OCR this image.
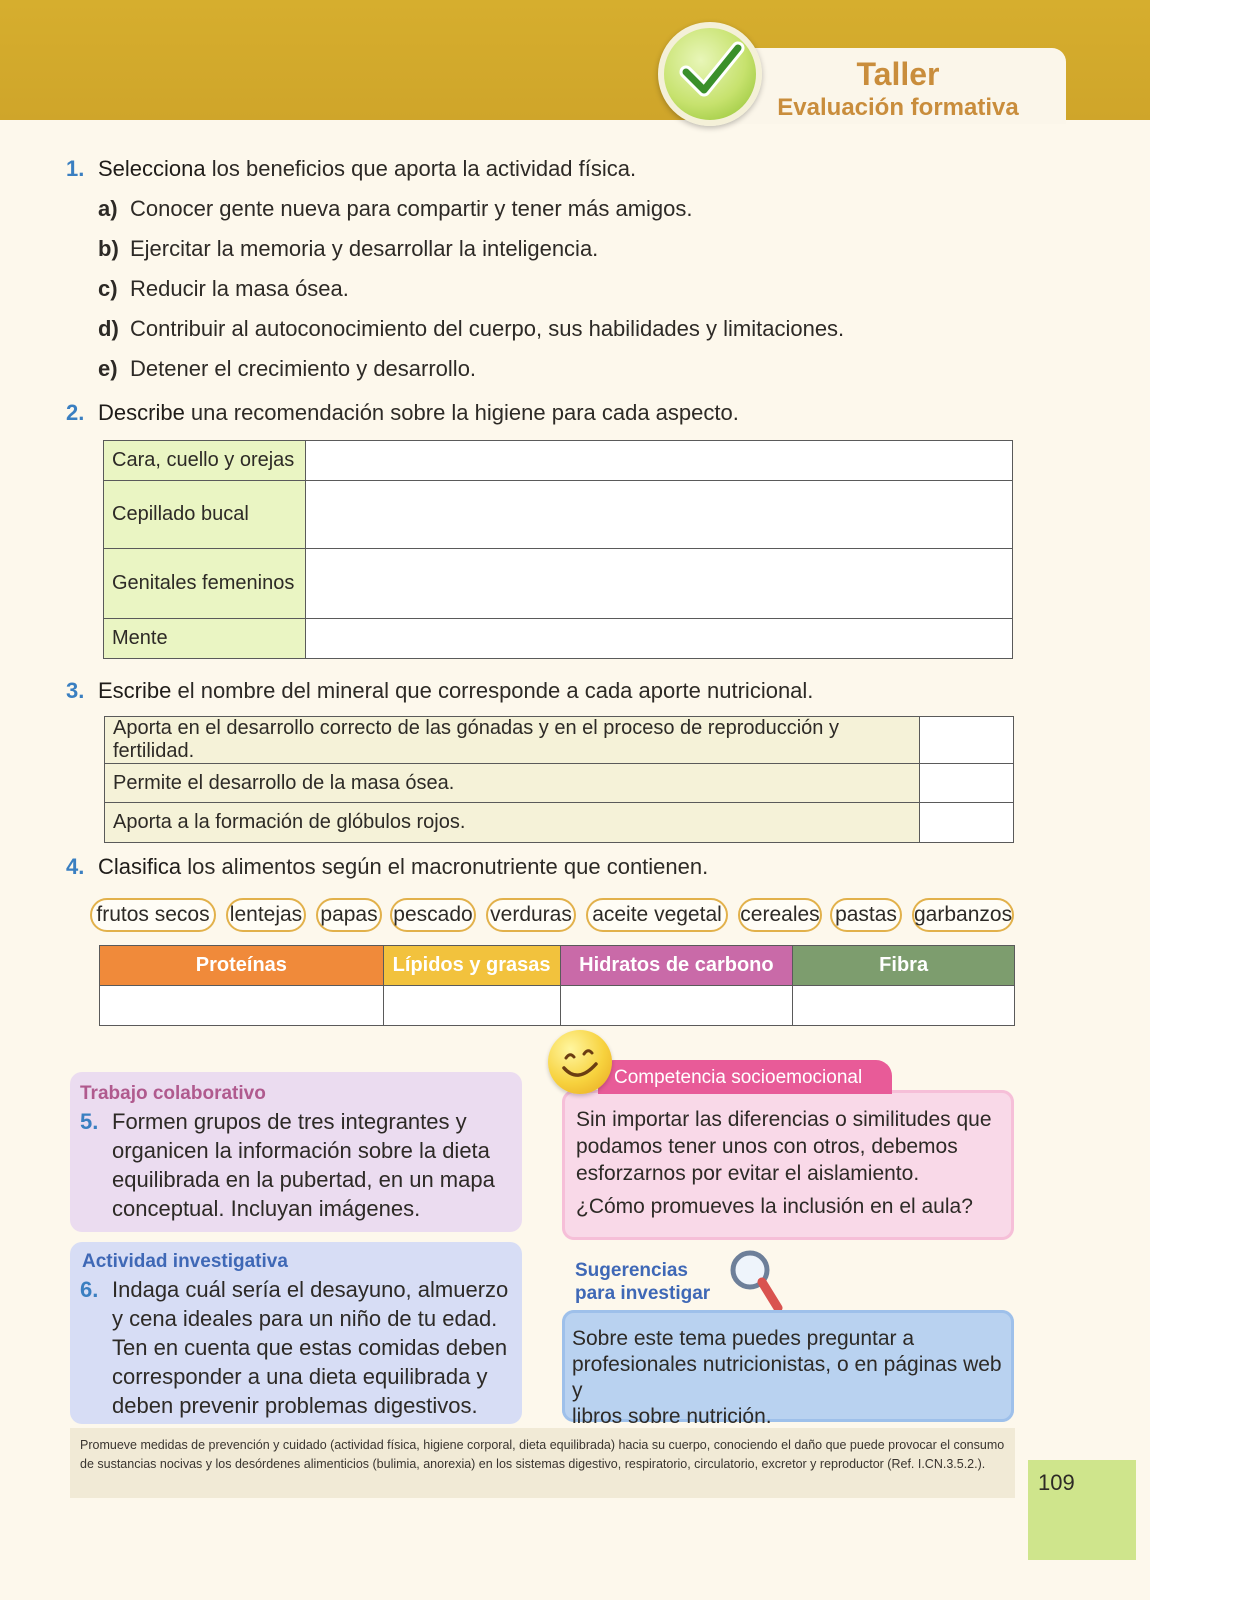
Taller
Evaluación formativa
1. Selecciona los beneficios que aporta la actividad física.
a) Conocer gente nueva para compartir y tener más amigos.
b) Ejercitar la memoria y desarrollar la inteligencia.
c) Reducir la masa ósea.
d) Contribuir al autoconocimiento del cuerpo, sus habilidades y limitaciones.
e) Detener el crecimiento y desarrollo.
2. Describe una recomendación sobre la higiene para cada aspecto.
Cara, cuello y orejas	
Cepillado bucal	
Genitales femeninos	
Mente	
3. Escribe el nombre del mineral que corresponde a cada aporte nutricional.
Aporta en el desarrollo correcto de las gónadas y en el proceso de reproducción y fertilidad.	
Permite el desarrollo de la masa ósea.	
Aporta a la formación de glóbulos rojos.	
4. Clasifica los alimentos según el macronutriente que contienen.
frutos secos lentejas papas pescado verduras aceite vegetal cereales pastas garbanzos
Proteínas	Lípidos y grasas	Hidratos de carbono	Fibra

Trabajo colaborativo
5. Formen grupos de tres integrantes y
organicen la información sobre la dieta
equilibrada en la pubertad, en un mapa
conceptual. Incluyan imágenes.
Competencia socioemocional
Sin importar las diferencias o similitudes que
podamos tener unos con otros, debemos
esforzarnos por evitar el aislamiento.
¿Cómo promueves la inclusión en el aula?
Actividad investigativa
6. Indaga cuál sería el desayuno, almuerzo
y cena ideales para un niño de tu edad.
Ten en cuenta que estas comidas deben
corresponder a una dieta equilibrada y
deben prevenir problemas digestivos.
Sugerencias
para investigar
Sobre este tema puedes preguntar a
profesionales nutricionistas, o en páginas web y
libros sobre nutrición.
Promueve medidas de prevención y cuidado (actividad física, higiene corporal, dieta equilibrada) hacia su cuerpo, conociendo el daño que puede provocar el consumo de sustancias nocivas y los desórdenes alimenticios (bulimia, anorexia) en los sistemas digestivo, respiratorio, circulatorio, excretor y reproductor (Ref. I.CN.3.5.2.).
109
